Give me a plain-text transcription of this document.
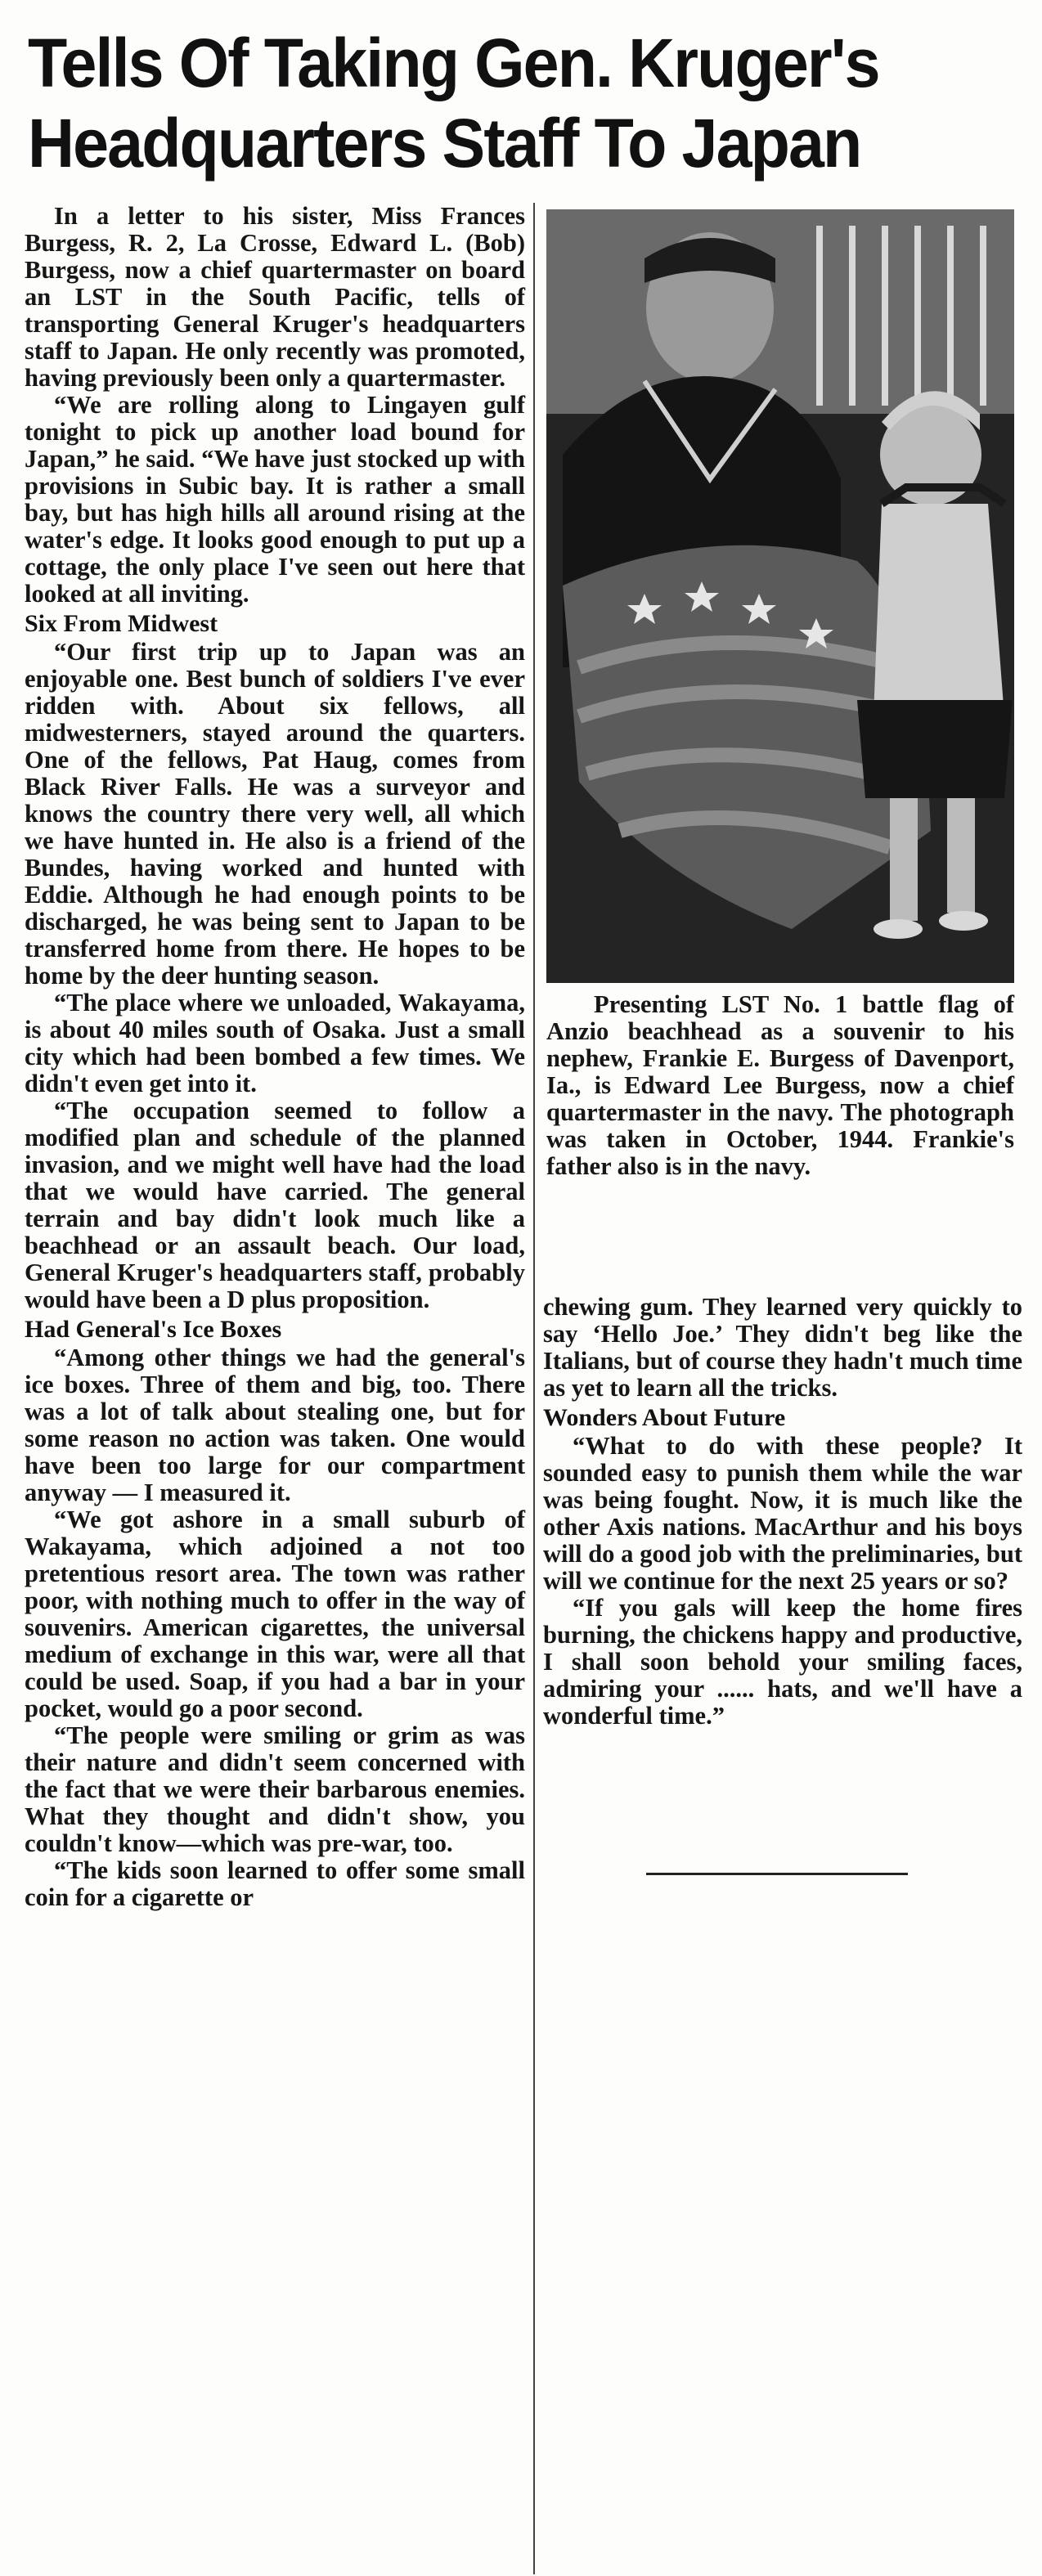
Tells Of Taking Gen. Kruger's
Headquarters Staff To Japan

In a letter to his sister, Miss Frances Burgess, R. 2, La Crosse, Edward L. (Bob) Burgess, now a chief quartermaster on board an LST in the South Pacific, tells of transporting General Kruger's headquarters staff to Japan. He only recently was promoted, having previously been only a quartermaster.

“We are rolling along to Lingayen gulf tonight to pick up another load bound for Japan,” he said. “We have just stocked up with provisions in Subic bay. It is rather a small bay, but has high hills all around rising at the water's edge. It looks good enough to put up a cottage, the only place I've seen out here that looked at all inviting.

Six From Midwest

“Our first trip up to Japan was an enjoyable one. Best bunch of soldiers I've ever ridden with. About six fellows, all midwesterners, stayed around the quarters. One of the fellows, Pat Haug, comes from Black River Falls. He was a surveyor and knows the country there very well, all which we have hunted in. He also is a friend of the Bundes, having worked and hunted with Eddie. Although he had enough points to be discharged, he was being sent to Japan to be transferred home from there. He hopes to be home by the deer hunting season.

“The place where we unloaded, Wakayama, is about 40 miles south of Osaka. Just a small city which had been bombed a few times. We didn't even get into it.

“The occupation seemed to follow a modified plan and schedule of the planned invasion, and we might well have had the load that we would have carried. The general terrain and bay didn't look much like a beachhead or an assault beach. Our load, General Kruger's headquarters staff, probably would have been a D plus proposition.

Had General's Ice Boxes

“Among other things we had the general's ice boxes. Three of them and big, too. There was a lot of talk about stealing one, but for some reason no action was taken. One would have been too large for our compartment anyway — I measured it.

“We got ashore in a small suburb of Wakayama, which adjoined a not too pretentious resort area. The town was rather poor, with nothing much to offer in the way of souvenirs. American cigarettes, the universal medium of exchange in this war, were all that could be used. Soap, if you had a bar in your pocket, would go a poor second.

“The people were smiling or grim as was their nature and didn't seem concerned with the fact that we were their barbarous enemies. What they thought and didn't show, you couldn't know—which was pre-war, too.

“The kids soon learned to offer some small coin for a cigarette or

Presenting LST No. 1 battle flag of Anzio beachhead as a souvenir to his nephew, Frankie E. Burgess of Davenport, Ia., is Edward Lee Burgess, now a chief quartermaster in the navy. The photograph was taken in October, 1944. Frankie's father also is in the navy.

chewing gum. They learned very quickly to say ‘Hello Joe.’ They didn't beg like the Italians, but of course they hadn't much time as yet to learn all the tricks.

Wonders About Future

“What to do with these people? It sounded easy to punish them while the war was being fought. Now, it is much like the other Axis nations. MacArthur and his boys will do a good job with the preliminaries, but will we continue for the next 25 years or so?

“If you gals will keep the home fires burning, the chickens happy and productive, I shall soon behold your smiling faces, admiring your ...... hats, and we'll have a wonderful time.”
